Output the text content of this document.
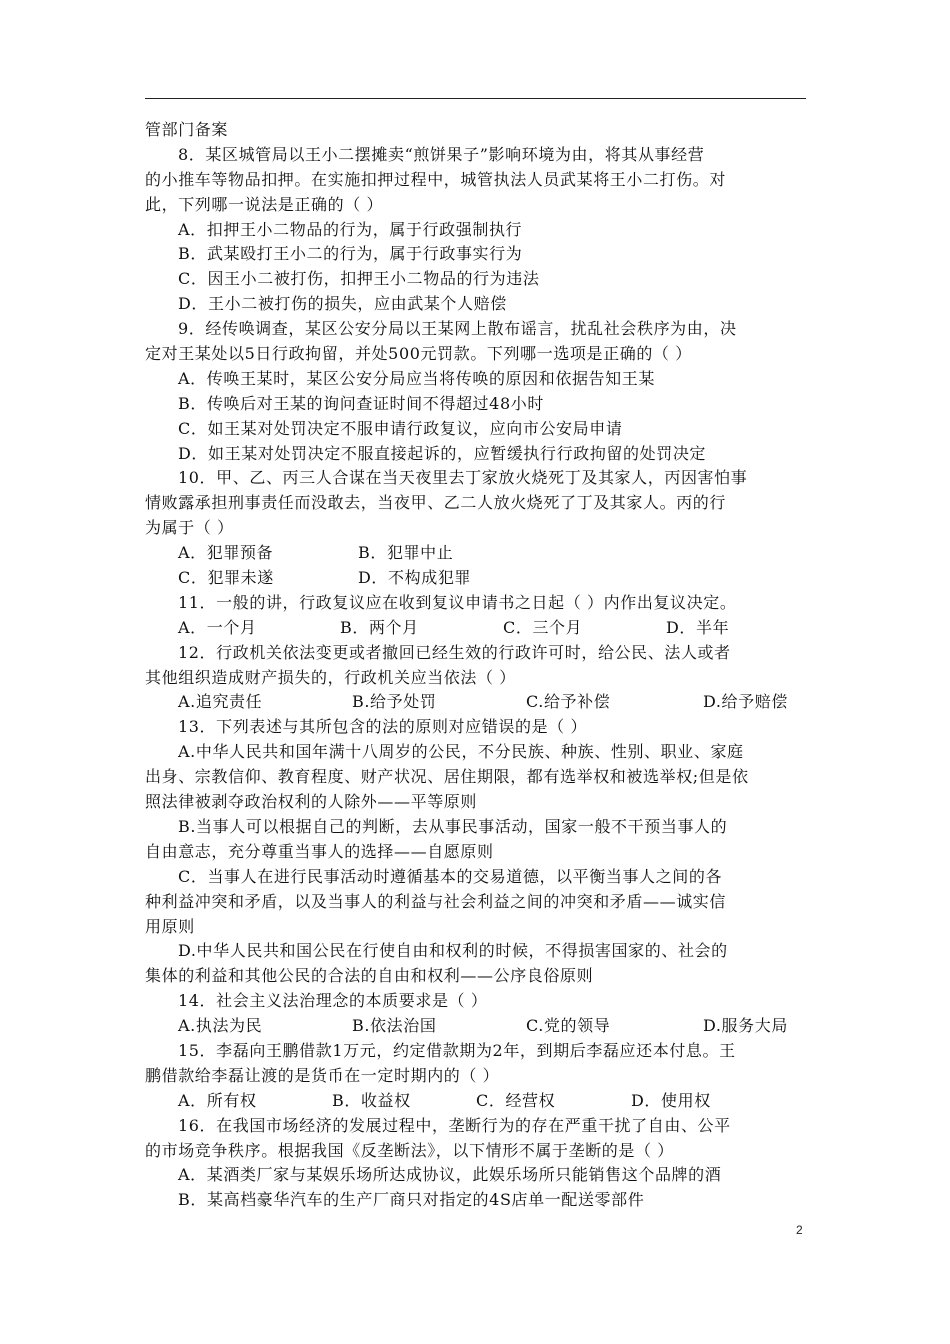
管部门备案
8．某区城管局以王小二摆摊卖“煎饼果子”影响环境为由，将其从事经营
的小推车等物品扣押。在实施扣押过程中，城管执法人员武某将王小二打伤。对
此，下列哪一说法是正确的（ ）
A．扣押王小二物品的行为，属于行政强制执行
B．武某殴打王小二的行为，属于行政事实行为
C．因王小二被打伤，扣押王小二物品的行为违法
D．王小二被打伤的损失，应由武某个人赔偿
9．经传唤调查，某区公安分局以王某网上散布谣言，扰乱社会秩序为由，决
定对王某处以5日行政拘留，并处500元罚款。下列哪一选项是正确的（ ）
A．传唤王某时，某区公安分局应当将传唤的原因和依据告知王某
B．传唤后对王某的询问查证时间不得超过48小时
C．如王某对处罚决定不服申请行政复议，应向市公安局申请
D．如王某对处罚决定不服直接起诉的，应暂缓执行行政拘留的处罚决定
10．甲、乙、丙三人合谋在当天夜里去丁家放火烧死丁及其家人，丙因害怕事
情败露承担刑事责任而没敢去，当夜甲、乙二人放火烧死了丁及其家人。丙的行
为属于（ ）
A．犯罪预备	B．犯罪中止
C．犯罪未遂	D．不构成犯罪
11．一般的讲，行政复议应在收到复议申请书之日起（ ）内作出复议决定。
A．一个月	B．两个月	C．三个月	D．半年
12．行政机关依法变更或者撤回已经生效的行政许可时，给公民、法人或者
其他组织造成财产损失的，行政机关应当依法（ ）
A.追究责任	B.给予处罚	C.给予补偿	D.给予赔偿
13．下列表述与其所包含的法的原则对应错误的是（ ）
A.中华人民共和国年满十八周岁的公民，不分民族、种族、性别、职业、家庭
出身、宗教信仰、教育程度、财产状况、居住期限，都有选举权和被选举权;但是依
照法律被剥夺政治权利的人除外——平等原则
B.当事人可以根据自己的判断，去从事民事活动，国家一般不干预当事人的
自由意志，充分尊重当事人的选择——自愿原则
C．当事人在进行民事活动时遵循基本的交易道德，以平衡当事人之间的各
种利益冲突和矛盾，以及当事人的利益与社会利益之间的冲突和矛盾——诚实信
用原则
D.中华人民共和国公民在行使自由和权利的时候，不得损害国家的、社会的
集体的利益和其他公民的合法的自由和权利——公序良俗原则
14．社会主义法治理念的本质要求是（ ）
A.执法为民	B.依法治国	C.党的领导	D.服务大局
15．李磊向王鹏借款1万元，约定借款期为2年，到期后李磊应还本付息。王
鹏借款给李磊让渡的是货币在一定时期内的（ ）
A．所有权	B．收益权	C．经营权	D．使用权
16．在我国市场经济的发展过程中，垄断行为的存在严重干扰了自由、公平
的市场竞争秩序。根据我国《反垄断法》，以下情形不属于垄断的是（ ）
A．某酒类厂家与某娱乐场所达成协议，此娱乐场所只能销售这个品牌的酒
B．某高档豪华汽车的生产厂商只对指定的4S店单一配送零部件
2
